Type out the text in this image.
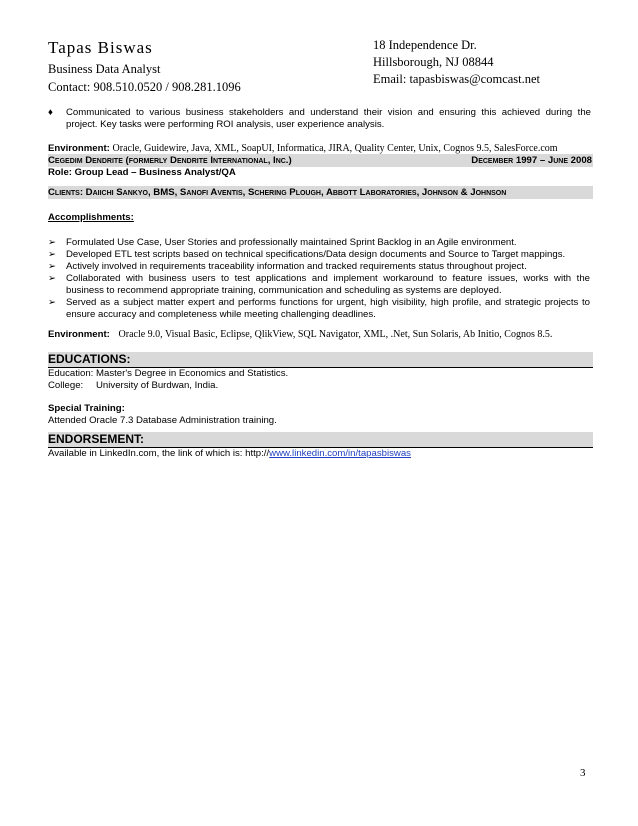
Tapas Biswas
Business Data Analyst
Contact: 908.510.0520 / 908.281.1096
18 Independence Dr.
Hillsborough, NJ 08844
Email: tapasbiswas@comcast.net
♦	Communicated to various business stakeholders and understand their vision and ensuring this achieved during the
project. Key tasks were performing ROI analysis, user experience analysis.
Environment: Oracle, Guidewire, Java, XML, SoapUI, Informatica, JIRA, Quality Center, Unix, Cognos 9.5, SalesForce.com
Cegedim Dendrite (formerly Dendrite International, Inc.)	December 1997 – June 2008
Role: Group Lead – Business Analyst/QA
Clients: Daiichi Sankyo, BMS, Sanofi Aventis, Schering Plough, Abbott Laboratories, Johnson & Johnson
Accomplishments:
➢	Formulated Use Case, User Stories and professionally maintained Sprint Backlog in an Agile environment.
➢	Developed ETL test scripts based on technical specifications/Data design documents and Source to Target mappings.
➢	Actively involved in requirements traceability information and tracked requirements status throughout project.
➢	Collaborated with business users to test applications and implement workaround to feature issues, works with the
business to recommend appropriate training, communication and scheduling as systems are deployed.
➢	Served as a subject matter expert and performs functions for urgent, high visibility, high profile, and strategic projects to
ensure accuracy and completeness while meeting challenging deadlines.
Environment: Oracle 9.0, Visual Basic, Eclipse, QlikView, SQL Navigator, XML, .Net, Sun Solaris, Ab Initio, Cognos 8.5.
EDUCATIONS:
Education: Master's Degree in Economics and Statistics.
College: University of Burdwan, India.
Special Training:
Attended Oracle 7.3 Database Administration training.
ENDORSEMENT:
Available in LinkedIn.com, the link of which is: http://www.linkedin.com/in/tapasbiswas
3
